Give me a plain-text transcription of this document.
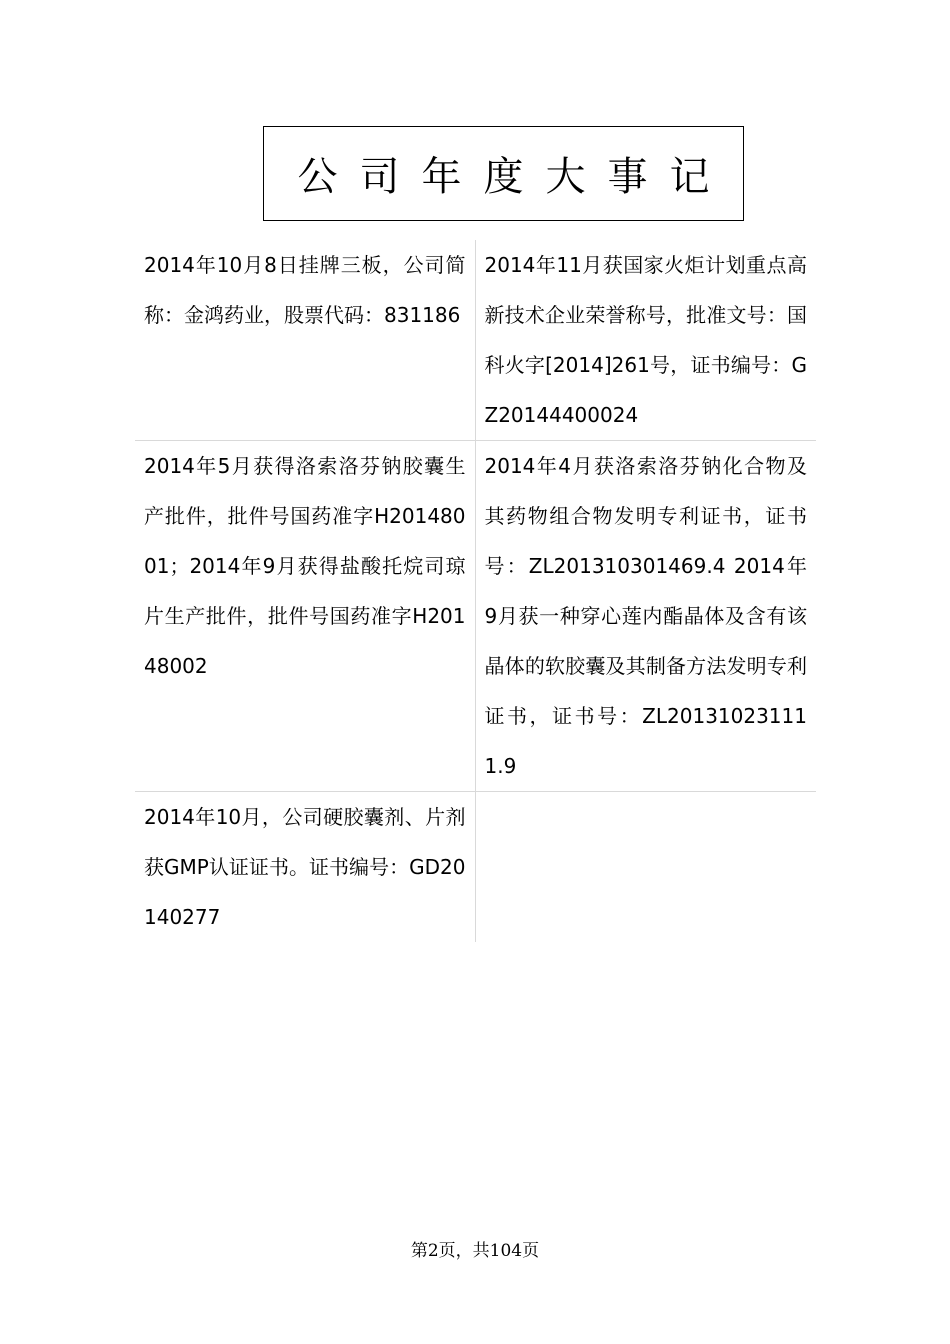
公司年度大事记
2014年10月8日挂牌三板，公司简称：金鸿药业，股票代码：831186	2014年11月获国家火炬计划重点高新技术企业荣誉称号，批准文号：国科火字[2014]261号，证书编号：GZ20144400024
2014年5月获得洛索洛芬钠胶囊生产批件，批件号国药准字H20148001；2014年9月获得盐酸托烷司琼片生产批件，批件号国药准字H20148002	2014年4月获洛索洛芬钠化合物及其药物组合物发明专利证书，证书号：ZL201310301469.4 2014年9月获一种穿心莲内酯晶体及含有该晶体的软胶囊及其制备方法发明专利证书，证书号：ZL201310231111.9
2014年10月，公司硬胶囊剂、片剂获GMP认证证书。证书编号：GD20140277	
第2页，共104页
